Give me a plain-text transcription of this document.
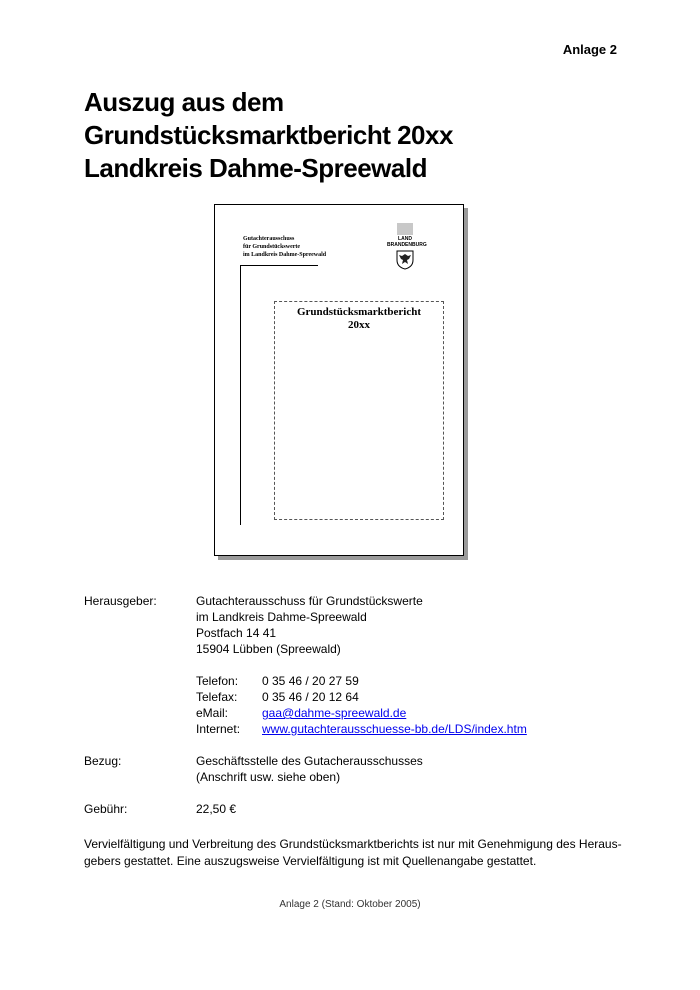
Anlage 2
Auszug aus dem
Grundstücksmarktbericht 20xx
Landkreis Dahme-Spreewald
Gutachterausschuss
für Grundstückswerte
im Landkreis Dahme-Spreewald
LAND
BRANDENBURG
Grundstücksmarktbericht
20xx
Herausgeber:	Gutachterausschuss für Grundstückswerte
im Landkreis Dahme-Spreewald
Postfach 14 41
15904 Lübben (Spreewald)
Telefon:	0 35 46 / 20 27 59
Telefax:	0 35 46 / 20 12 64
eMail:	gaa@dahme-spreewald.de
Internet:	www.gutachterausschuesse-bb.de/LDS/index.htm
Bezug:	Geschäftsstelle des Gutacherausschusses
(Anschrift usw. siehe oben)
Gebühr:	22,50 €
Vervielfältigung und Verbreitung des Grundstücksmarktberichts ist nur mit Genehmigung des Heraus-
gebers gestattet. Eine auszugsweise Vervielfältigung ist mit Quellenangabe gestattet.
Anlage 2 (Stand: Oktober 2005)
